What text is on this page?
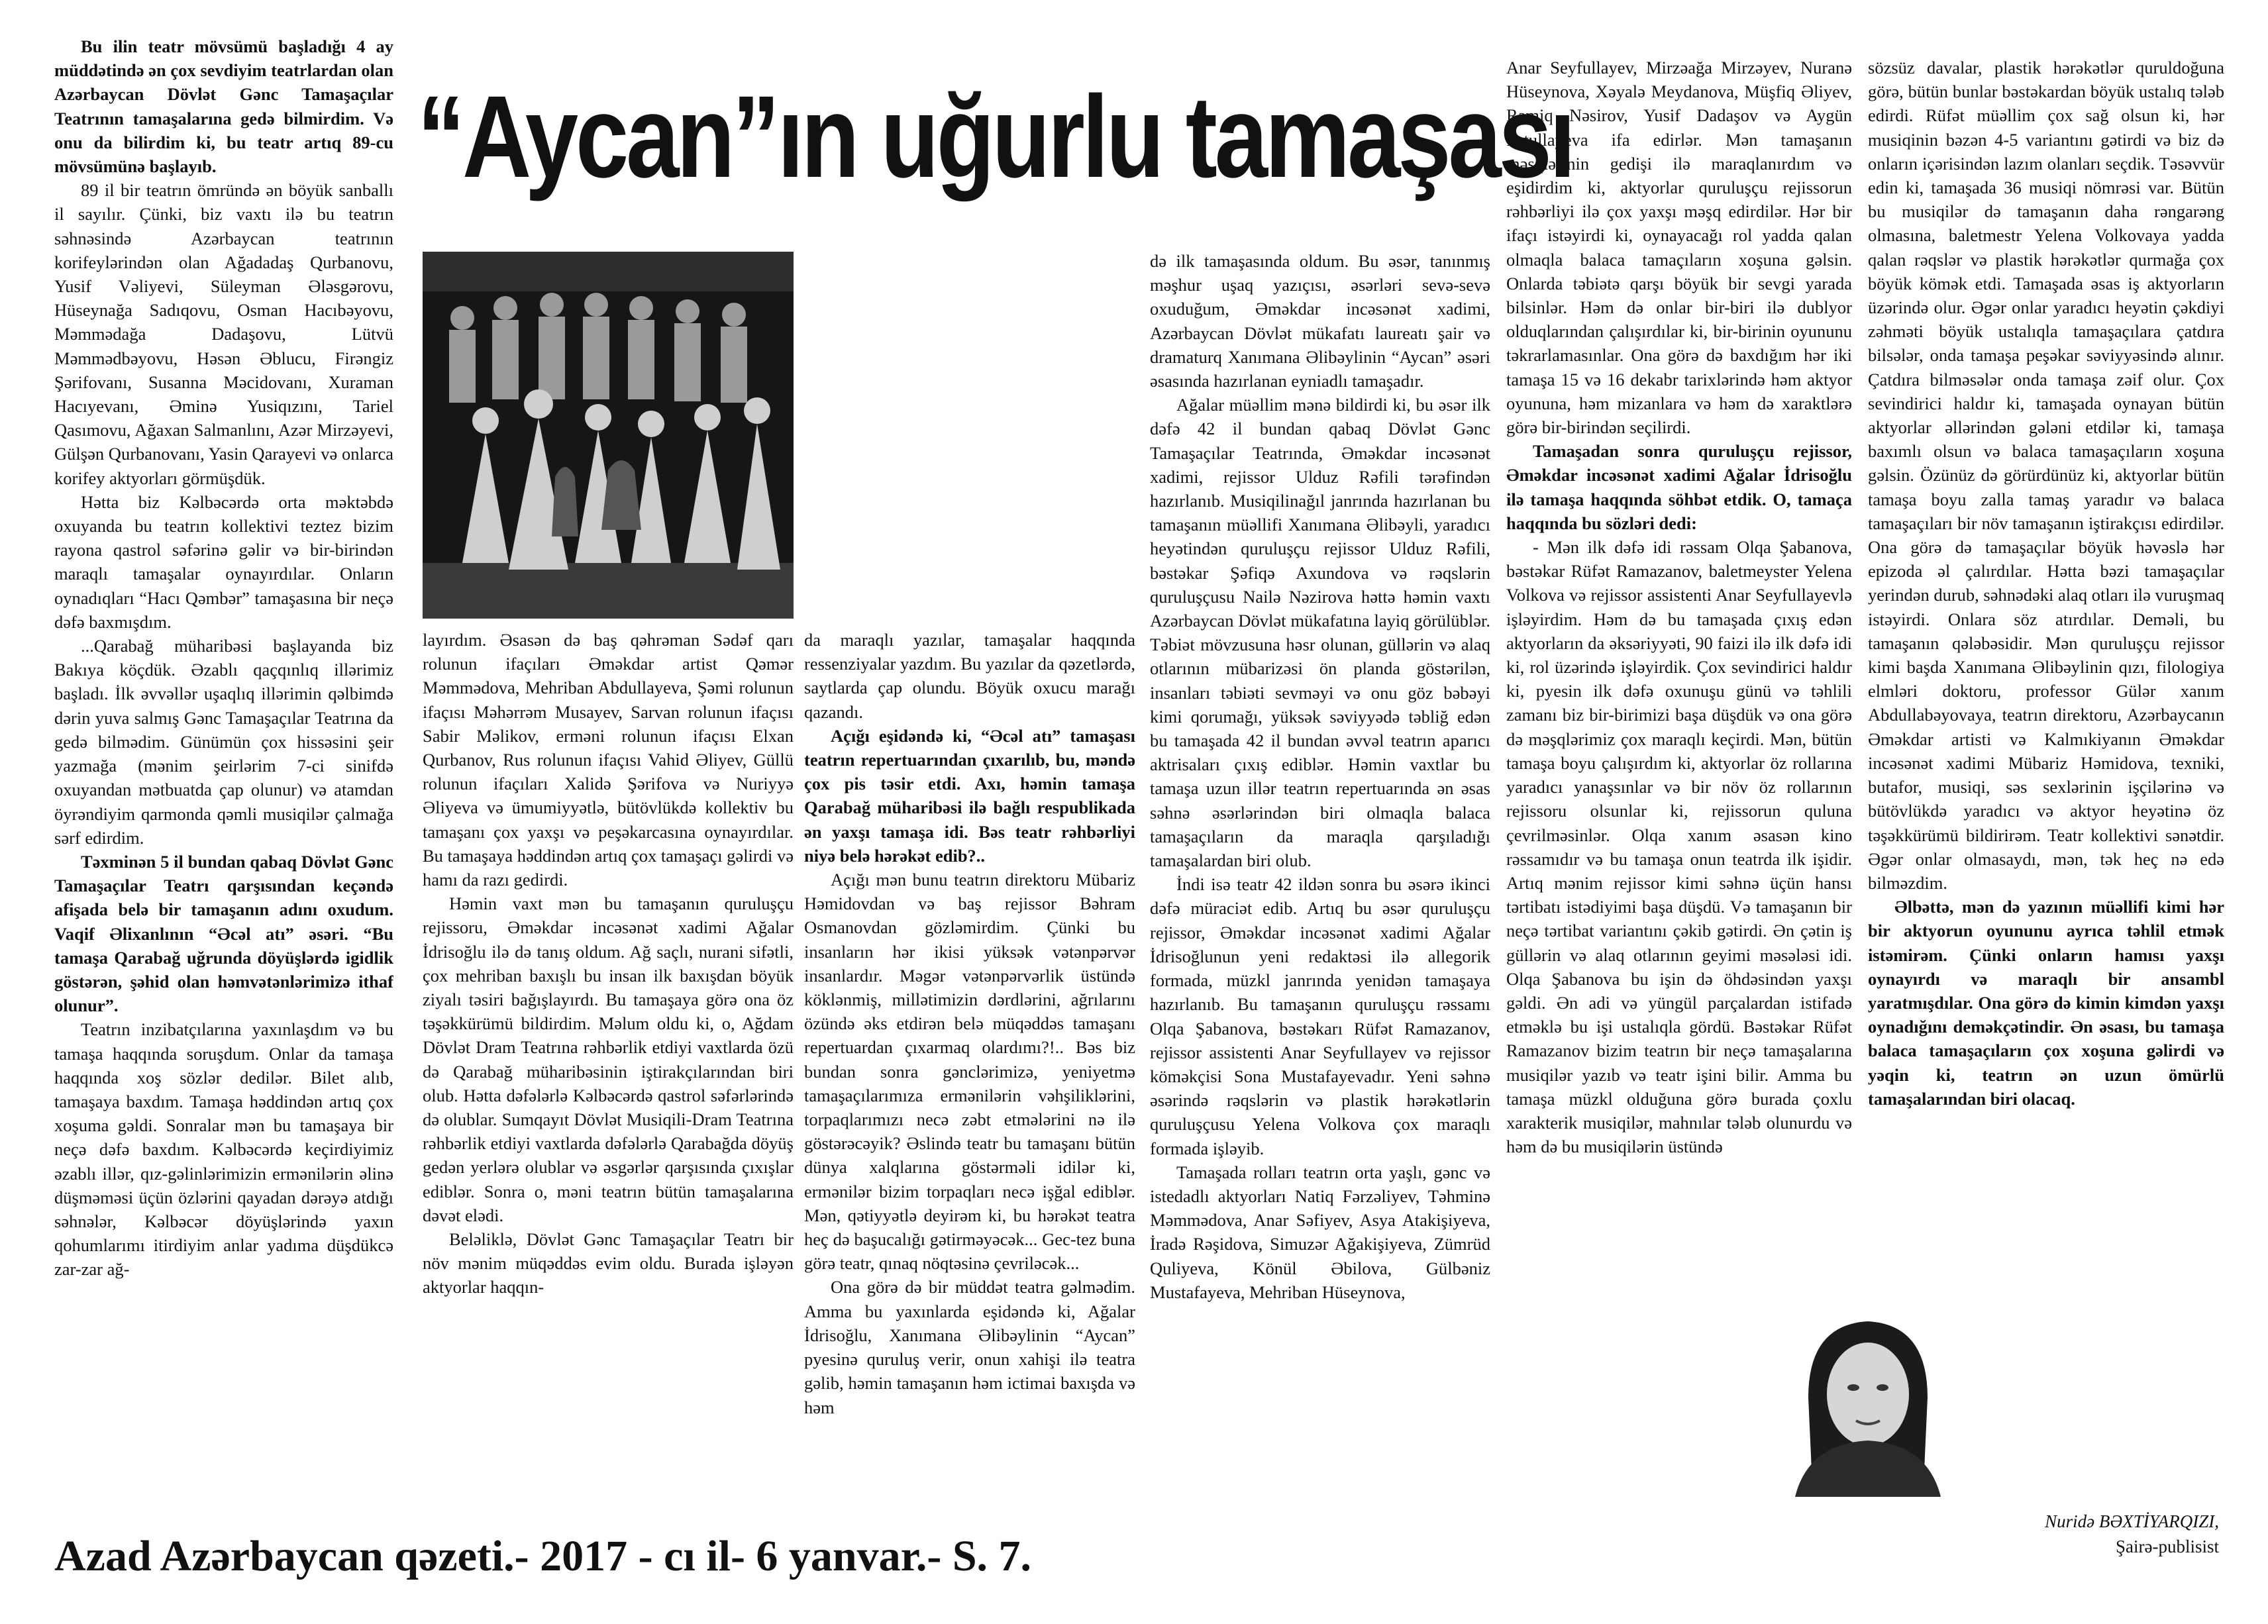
Bu ilin teatr mövsümü başladığı 4 ay müddətində ən çox sevdiyim teatrlardan olan Azərbaycan Dövlət Gənc Tamaşaçılar Teatrının tamaşalarına gedə bilmirdim. Və onu da bilirdim ki, bu teatr artıq 89-cu mövsümünə başlayıb.

89 il bir teatrın ömründə ən böyük sanballı il sayılır. Çünki, biz vaxtı ilə bu teatrın səhnəsində Azərbaycan teatrının korifeylərindən olan Ağadadaş Qurbanovu, Yusif Vəliyevi, Süleyman Ələsgərovu, Hüseynağa Sadıqovu, Osman Hacıbəyovu, Məmmədağa Dadaşovu, Lütvü Məmmədbəyovu, Həsən Əblucu, Firəngiz Şərifovanı, Susanna Məcidovanı, Xuraman Hacıyevanı, Əminə Yusiqızını, Tariel Qasımovu, Ağaxan Salmanlını, Azər Mirzəyevi, Gülşən Qurbanovanı, Yasin Qarayevi və onlarca korifey aktyorları görmüşdük.

Hətta biz Kəlbəcərdə orta məktəbdə oxuyanda bu teatrın kollektivi teztez bizim rayona qastrol səfərinə gəlir və bir-birindən maraqlı tamaşalar oynayırdılar. Onların oynadıqları “Hacı Qəmbər” tamaşasına bir neçə dəfə baxmışdım.

...Qarabağ müharibəsi başlayanda biz Bakıya köçdük. Əzablı qaçqınlıq illərimiz başladı. İlk əvvəllər uşaqlıq illərimin qəlbimdə dərin yuva salmış Gənc Tamaşaçılar Teatrına da gedə bilmədim. Günümün çox hissəsini şeir yazmağa (mənim şeirlərim 7-ci sinifdə oxuyandan mətbuatda çap olunur) və atamdan öyrəndiyim qarmonda qəmli musiqilər çalmağa sərf edirdim.

Təxminən 5 il bundan qabaq Dövlət Gənc Tamaşaçılar Teatrı qarşısından keçəndə afişada belə bir tamaşanın adını oxudum. Vaqif Əlixanlının “Əcəl atı” əsəri. “Bu tamaşa Qarabağ uğrunda döyüşlərdə igidlik göstərən, şəhid olan həmvətənlərimizə ithaf olunur”.

Teatrın inzibatçılarına yaxınlaşdım və bu tamaşa haqqında soruşdum. Onlar da tamaşa haqqında xoş sözlər dedilər. Bilet alıb, tamaşaya baxdım. Tamaşa həddindən artıq çox xoşuma gəldi. Sonralar mən bu tamaşaya bir neçə dəfə baxdım. Kəlbəcərdə keçirdiyimiz əzablı illər, qız-gəlinlərimizin ermənilərin əlinə düşməməsi üçün özlərini qayadan dərəyə atdığı səhnələr, Kəlbəcər döyüşlərində yaxın qohumlarımı itirdiyim anlar yadıma düşdükcə zar-zar ağ-

“Aycan”ın uğurlu tamaşası

layırdım. Əsasən də baş qəhrəman Sədəf qarı rolunun ifaçıları Əməkdar artist Qəmər Məmmədova, Mehriban Abdullayeva, Şəmi rolunun ifaçısı Məhərrəm Musayev, Sarvan rolunun ifaçısı Sabir Məlikov, erməni rolunun ifaçısı Elxan Qurbanov, Rus rolunun ifaçısı Vahid Əliyev, Güllü rolunun ifaçıları Xalidə Şərifova və Nuriyyə Əliyeva və ümumiyyətlə, bütövlükdə kollektiv bu tamaşanı çox yaxşı və peşəkarcasına oynayırdılar. Bu tamaşaya həddindən artıq çox tamaşaçı gəlirdi və hamı da razı gedirdi.

Həmin vaxt mən bu tamaşanın quruluşçu rejissoru, Əməkdar incəsənət xadimi Ağalar İdrisoğlu ilə də tanış oldum. Ağ saçlı, nurani sifətli, çox mehriban baxışlı bu insan ilk baxışdan böyük ziyalı təsiri bağışlayırdı. Bu tamaşaya görə ona öz təşəkkürümü bildirdim. Məlum oldu ki, o, Ağdam Dövlət Dram Teatrına rəhbərlik etdiyi vaxtlarda özü də Qarabağ müharibəsinin iştirakçılarından biri olub. Hətta dəfələrlə Kəlbəcərdə qastrol səfərlərində də olublar. Sumqayıt Dövlət Musiqili-Dram Teatrına rəhbərlik etdiyi vaxtlarda dəfələrlə Qarabağda döyüş gedən yerlərə olublar və əsgərlər qarşısında çıxışlar ediblər. Sonra o, məni teatrın bütün tamaşalarına dəvət elədi.

Beləliklə, Dövlət Gənc Tamaşaçılar Teatrı bir növ mənim müqəddəs evim oldu. Burada işləyən aktyorlar haqqın-

da maraqlı yazılar, tamaşalar haqqında ressenziyalar yazdım. Bu yazılar da qəzetlərdə, saytlarda çap olundu. Böyük oxucu marağı qazandı.

Açığı eşidəndə ki, “Əcəl atı” tamaşası teatrın repertuarından çıxarılıb, bu, məndə çox pis təsir etdi. Axı, həmin tamaşa Qarabağ müharibəsi ilə bağlı respublikada ən yaxşı tamaşa idi. Bəs teatr rəhbərliyi niyə belə hərəkət edib?..

Açığı mən bunu teatrın direktoru Mübariz Həmidovdan və baş rejissor Bəhram Osmanovdan gözləmirdim. Çünki bu insanların hər ikisi yüksək vətənpərvər insanlardır. Məgər vətənpərvərlik üstündə köklənmiş, millətimizin dərdlərini, ağrılarını özündə əks etdirən belə müqəddəs tamaşanı repertuardan çıxarmaq olardımı?!.. Bəs biz bundan sonra gənclərimizə, yeniyetmə tamaşaçılarımıza ermənilərin vəhşiliklərini, torpaqlarımızı necə zəbt etmələrini nə ilə göstərəcəyik? Əslində teatr bu tamaşanı bütün dünya xalqlarına göstərməli idilər ki, ermənilər bizim torpaqları necə işğal ediblər. Mən, qətiyyətlə deyirəm ki, bu hərəkət teatra heç də başucalığı gətirməyəcək... Gec-tez buna görə teatr, qınaq nöqtəsinə çevriləcək...

Ona görə də bir müddət teatra gəlmədim. Amma bu yaxınlarda eşidəndə ki, Ağalar İdrisoğlu, Xanımana Əlibəylinin “Aycan” pyesinə quruluş verir, onun xahişi ilə teatra gəlib, həmin tamaşanın həm ictimai baxışda və həm

də ilk tamaşasında oldum. Bu əsər, tanınmış məşhur uşaq yazıçısı, əsərləri sevə-sevə oxuduğum, Əməkdar incəsənət xadimi, Azərbaycan Dövlət mükafatı laureatı şair və dramaturq Xanımana Əlibəylinin “Aycan” əsəri əsasında hazırlanan eyniadlı tamaşadır.

Ağalar müəllim mənə bildirdi ki, bu əsər ilk dəfə 42 il bundan qabaq Dövlət Gənc Tamaşaçılar Teatrında, Əməkdar incəsənət xadimi, rejissor Ulduz Rəfili tərəfindən hazırlanıb. Musiqilinağıl janrında hazırlanan bu tamaşanın müəllifi Xanımana Əlibəyli, yaradıcı heyətindən quruluşçu rejissor Ulduz Rəfili, bəstəkar Şəfiqə Axundova və rəqslərin quruluşçusu Nailə Nəzirova həttə həmin vaxtı Azərbaycan Dövlət mükafatına layiq görülüblər. Təbiət mövzusuna həsr olunan, güllərin və alaq otlarının mübarizəsi ön planda göstərilən, insanları təbiəti sevməyi və onu göz bəbəyi kimi qorumağı, yüksək səviyyədə təbliğ edən bu tamaşada 42 il bundan əvvəl teatrın aparıcı aktrisaları çıxış ediblər. Həmin vaxtlar bu tamaşa uzun illər teatrın repertuarında ən əsas səhnə əsərlərindən biri olmaqla balaca tamaşaçıların da maraqla qarşıladığı tamaşalardan biri olub.

İndi isə teatr 42 ildən sonra bu əsərə ikinci dəfə müraciət edib. Artıq bu əsər quruluşçu rejissor, Əməkdar incəsənət xadimi Ağalar İdrisoğlunun yeni redaktəsi ilə allegorik formada, müzkl janrında yenidən tamaşaya hazırlanıb. Bu tamaşanın quruluşçu rəssamı Olqa Şabanova, bəstəkarı Rüfət Ramazanov, rejissor assistenti Anar Seyfullayev və rejissor köməkçisi Sona Mustafayevadır. Yeni səhnə əsərində rəqslərin və plastik hərəkətlərin quruluşçusu Yelena Volkova çox maraqlı formada işləyib.

Tamaşada rolları teatrın orta yaşlı, gənc və istedadlı aktyorları Natiq Fərzəliyev, Təhminə Məmmədova, Anar Səfiyev, Asya Atakişiyeva, İradə Rəşidova, Simuzər Ağakişiyeva, Zümrüd Quliyeva, Könül Əbilova, Gülbəniz Mustafayeva, Mehriban Hüseynova,

Anar Seyfullayev, Mirzəağa Mirzəyev, Nuranə Hüseynova, Xəyalə Meydanova, Müşfiq Əliyev, Ramiq Nəsirov, Yusif Dadaşov və Aygün Fətullayeva ifa edirlər. Mən tamaşanın məşqlərinin gedişi ilə maraqlanırdım və eşidirdim ki, aktyorlar quruluşçu rejissorun rəhbərliyi ilə çox yaxşı məşq edirdilər. Hər bir ifaçı istəyirdi ki, oynayacağı rol yadda qalan olmaqla balaca tamaçıların xoşuna gəlsin. Onlarda təbiətə qarşı böyük bir sevgi yarada bilsinlər. Həm də onlar bir-biri ilə dublyor olduqlarından çalışırdılar ki, bir-birinin oyununu təkrarlamasınlar. Ona görə də baxdığım hər iki tamaşa 15 və 16 dekabr tarixlərində həm aktyor oyununa, həm mizanlara və həm də xaraktlərə görə bir-birindən seçilirdi.

Tamaşadan sonra quruluşçu rejissor, Əməkdar incəsənət xadimi Ağalar İdrisoğlu ilə tamaşa haqqında söhbət etdik. O, tamaça haqqında bu sözləri dedi:

- Mən ilk dəfə idi rəssam Olqa Şabanova, bəstəkar Rüfət Ramazanov, baletmeyster Yelena Volkova və rejissor assistenti Anar Seyfullayevlə işləyirdim. Həm də bu tamaşada çıxış edən aktyorların da əksəriyyəti, 90 faizi ilə ilk dəfə idi ki, rol üzərində işləyirdik. Çox sevindirici haldır ki, pyesin ilk dəfə oxunuşu günü və təhlili zamanı biz bir-birimizi başa düşdük və ona görə də məşqlərimiz çox maraqlı keçirdi. Mən, bütün tamaşa boyu çalışırdım ki, aktyorlar öz rollarına yaradıcı yanaşsınlar və bir növ öz rollarının rejissoru olsunlar ki, rejissorun quluna çevrilməsinlər. Olqa xanım əsasən kino rəssamıdır və bu tamaşa onun teatrda ilk işidir. Artıq mənim rejissor kimi səhnə üçün hansı tərtibatı istədiyimi başa düşdü. Və tamaşanın bir neçə tərtibat variantını çəkib gətirdi. Ən çətin iş güllərin və alaq otlarının geyimi məsələsi idi. Olqa Şabanova bu işin də öhdəsindən yaxşı gəldi. Ən adi və yüngül parçalardan istifadə etməklə bu işi ustalıqla gördü. Bəstəkar Rüfət Ramazanov bizim teatrın bir neçə tamaşalarına musiqilər yazıb və teatr işini bilir. Amma bu tamaşa müzkl olduğuna görə burada çoxlu xarakterik musiqilər, mahnılar tələb olunurdu və həm də bu musiqilərin üstündə

sözsüz davalar, plastik hərəkətlər quruldoğuna görə, bütün bunlar bəstəkardan böyük ustalıq tələb edirdi. Rüfət müəllim çox sağ olsun ki, hər musiqinin bəzən 4-5 variantını gətirdi və biz də onların içərisindən lazım olanları seçdik. Təsəvvür edin ki, tamaşada 36 musiqi nömrəsi var. Bütün bu musiqilər də tamaşanın daha rəngarəng olmasına, baletmestr Yelena Volkovaya yadda qalan rəqslər və plastik hərəkətlər qurmağa çox böyük kömək etdi. Tamaşada əsas iş aktyorların üzərində olur. Əgər onlar yaradıcı heyətin çəkdiyi zəhməti böyük ustalıqla tamaşaçılara çatdıra bilsələr, onda tamaşa peşəkar səviyyəsində alınır. Çatdıra bilməsələr onda tamaşa zəif olur. Çox sevindirici haldır ki, tamaşada oynayan bütün aktyorlar əllərindən gələni etdilər ki, tamaşa baxımlı olsun və balaca tamaşaçıların xoşuna gəlsin. Özünüz də görürdünüz ki, aktyorlar bütün tamaşa boyu zalla tamaş yaradır və balaca tamaşaçıları bir növ tamaşanın iştirakçısı edirdilər. Ona görə də tamaşaçılar böyük həvəslə hər epizoda əl çalırdılar. Hətta bəzi tamaşaçılar yerindən durub, səhnədəki alaq otları ilə vuruşmaq istəyirdi. Onlara söz atırdılar. Deməli, bu tamaşanın qələbəsidir. Mən quruluşçu rejissor kimi başda Xanımana Əlibəylinin qızı, filologiya elmləri doktoru, professor Gülər xanım Abdullabəyovaya, teatrın direktoru, Azərbaycanın Əməkdar artisti və Kalmıkiyanın Əməkdar incəsənət xadimi Mübariz Həmidova, texniki, butafor, musiqi, səs sexlərinin işçilərinə və bütövlükdə yaradıcı və aktyor heyətinə öz təşəkkürümü bildirirəm. Teatr kollektivi sənətdir. Əgər onlar olmasaydı, mən, tək heç nə edə bilməzdim.

Əlbəttə, mən də yazının müəllifi kimi hər bir aktyorun oyununu ayrıca təhlil etmək istəmirəm. Çünki onların hamısı yaxşı oynayırdı və maraqlı bir ansambl yaratmışdılar. Ona görə də kimin kimdən yaxşı oynadığını deməkçətindir. Ən əsası, bu tamaşa balaca tamaşaçıların çox xoşuna gəlirdi və yəqin ki, teatrın ən uzun ömürlü tamaşalarından biri olacaq.

Nuridə BƏXTİYARQIZI,
Şairə-publisist
Azad Azərbaycan qəzeti.- 2017 - cı il- 6 yanvar.- S. 7.
